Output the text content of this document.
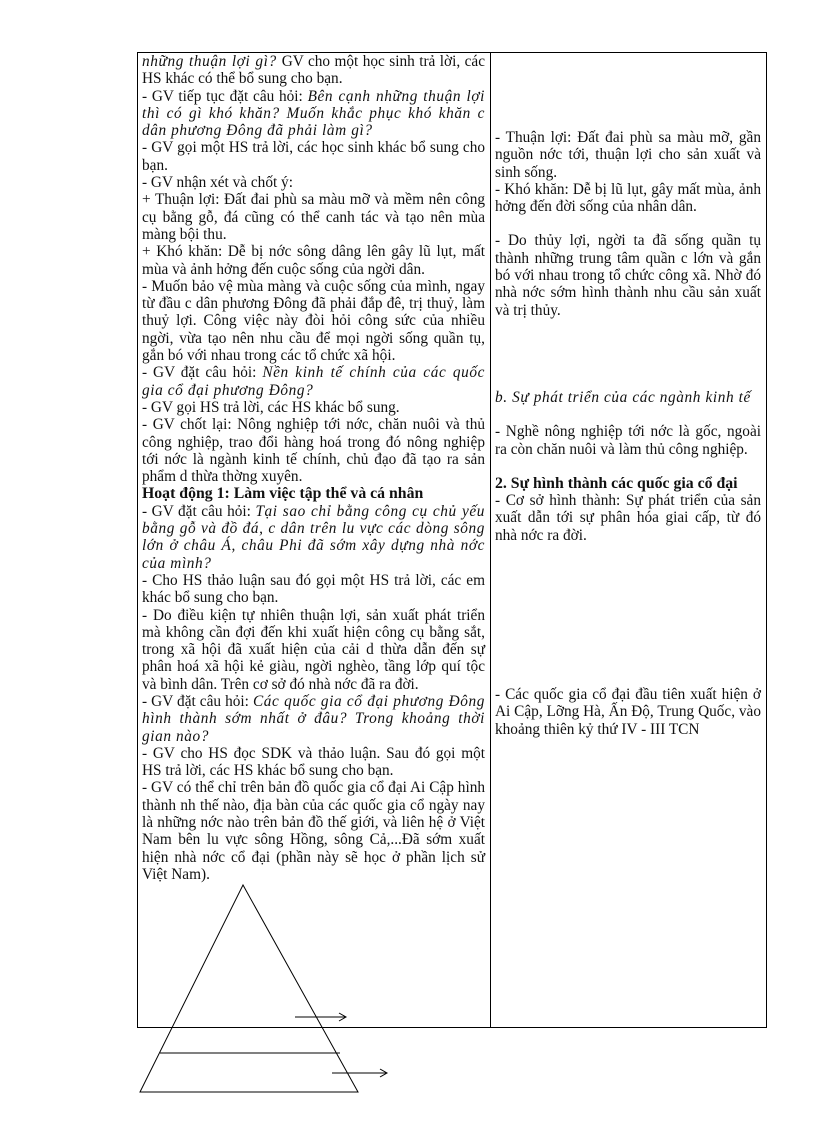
những thuận lợi gì? GV cho một học sinh trả lời, các HS khác có thể bổ sung cho bạn.

- GV tiếp tục đặt câu hỏi: Bên cạnh những thuận lợi thì có gì khó khăn? Muốn khắc phục khó khăn c dân phương Đông đã phải làm gì?

- GV gọi một HS trả lời, các học sinh khác bổ sung cho bạn.

- GV nhận xét và chốt ý:

+ Thuận lợi: Đất đai phù sa màu mỡ và mềm nên công cụ bằng gỗ, đá cũng có thể canh tác và tạo nên mùa màng bội thu.

+ Khó khăn: Dễ bị nớc sông dâng lên gây lũ lụt, mất mùa và ảnh hởng đến cuộc sống của ngời dân.

- Muốn bảo vệ mùa màng và cuộc sống của mình, ngay từ đầu c dân phương Đông đã phải đắp đê, trị thuỷ, làm thuỷ lợi. Công việc này đòi hỏi công sức của nhiều ngời, vừa tạo nên nhu cầu để mọi ngời sống quần tụ, gắn bó với nhau trong các tổ chức xã hội.

- GV đặt câu hỏi: Nền kinh tế chính của các quốc gia cổ đại phương Đông?

- GV gọi HS trả lời, các HS khác bổ sung.

- GV chốt lại: Nông nghiệp tới nớc, chăn nuôi và thủ công nghiệp, trao đổi hàng hoá trong đó nông nghiệp tới nớc là ngành kinh tế chính, chủ đạo đã tạo ra sản phẩm d thừa thờng xuyên.

Hoạt động 1: Làm việc tập thể và cá nhân

- GV đặt câu hỏi: Tại sao chỉ bằng công cụ chủ yếu bằng gỗ và đồ đá, c dân trên lu vực các dòng sông lớn ở châu Á, châu Phi đã sớm xây dựng nhà nớc của mình?

- Cho HS thảo luận sau đó gọi một HS trả lời, các em khác bổ sung cho bạn.

- Do điều kiện tự nhiên thuận lợi, sản xuất phát triển mà không cần đợi đến khi xuất hiện công cụ bằng sắt, trong xã hội đã xuất hiện của cải d thừa dẫn đến sự phân hoá xã hội kẻ giàu, ngời nghèo, tầng lớp quí tộc và bình dân. Trên cơ sở đó nhà nớc đã ra đời.

- GV đặt câu hỏi: Các quốc gia cổ đại phương Đông hình thành sớm nhất ở đâu? Trong khoảng thời gian nào?

- GV cho HS đọc SDK và thảo luận. Sau đó gọi một HS trả lời, các HS khác bổ sung cho bạn.

- GV có thể chỉ trên bản đồ quốc gia cổ đại Ai Cập hình thành nh thế nào, địa bàn của các quốc gia cổ ngày nay là những nớc nào trên bản đồ thế giới, và liên hệ ở Việt Nam bên lu vực sông Hồng, sông Cả,...Đã sớm xuất hiện nhà nớc cổ đại (phần này sẽ học ở phần lịch sử Việt Nam).

- Thuận lợi: Đất đai phù sa màu mỡ, gần nguồn nớc tới, thuận lợi cho sản xuất và sinh sống.

- Khó khăn: Dễ bị lũ lụt, gây mất mùa, ảnh hởng đến đời sống của nhân dân.

- Do thủy lợi, ngời ta đã sống quần tụ thành những trung tâm quần c lớn và gắn bó với nhau trong tổ chức công xã. Nhờ đó nhà nớc sớm hình thành nhu cầu sản xuất và trị thủy.

b. Sự phát triển của các ngành kinh tế

- Nghề nông nghiệp tới nớc là gốc, ngoài ra còn chăn nuôi và làm thủ công nghiệp.

2. Sự hình thành các quốc gia cổ đại

- Cơ sở hình thành: Sự phát triển của sản xuất dẫn tới sự phân hóa giai cấp, từ đó nhà nớc ra đời.

- Các quốc gia cổ đại đầu tiên xuất hiện ở Ai Cập, Lỡng Hà, Ấn Độ, Trung Quốc, vào khoảng thiên kỷ thứ IV - III TCN
